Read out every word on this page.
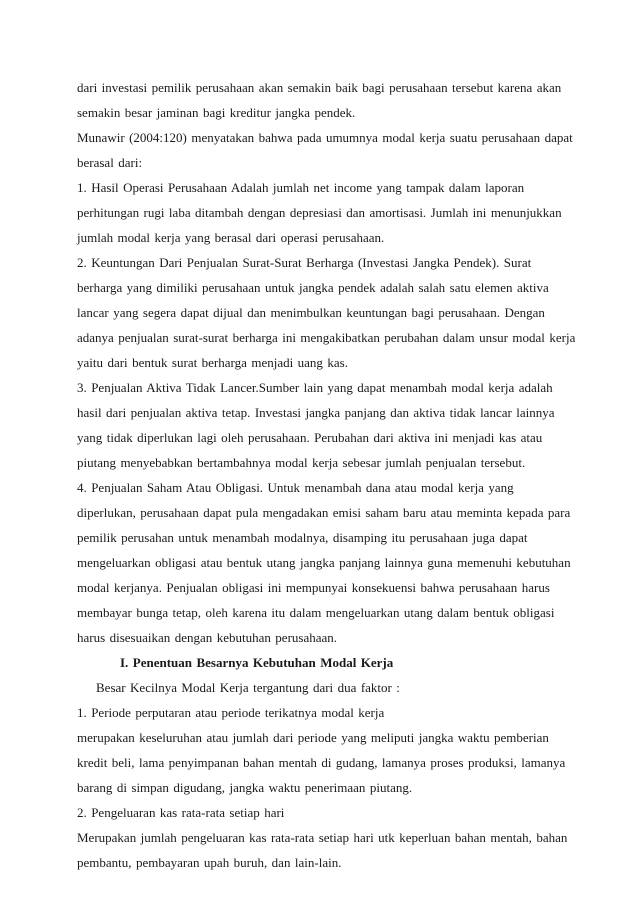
dari investasi pemilik perusahaan akan semakin baik bagi perusahaan tersebut karena akan
semakin besar jaminan bagi kreditur jangka pendek.
Munawir (2004:120) menyatakan bahwa pada umumnya modal kerja suatu perusahaan dapat
berasal dari:
1. Hasil Operasi Perusahaan Adalah jumlah net income yang tampak dalam laporan
perhitungan rugi laba ditambah dengan depresiasi dan amortisasi. Jumlah ini menunjukkan
jumlah modal kerja yang berasal dari operasi perusahaan.
2. Keuntungan Dari Penjualan Surat-Surat Berharga (Investasi Jangka Pendek). Surat
berharga yang dimiliki perusahaan untuk jangka pendek adalah salah satu elemen aktiva
lancar yang segera dapat dijual dan menimbulkan keuntungan bagi perusahaan. Dengan
adanya penjualan surat-surat berharga ini mengakibatkan perubahan dalam unsur modal kerja
yaitu dari bentuk surat berharga menjadi uang kas.
3. Penjualan Aktiva Tidak Lancer.Sumber lain yang dapat menambah modal kerja adalah
hasil dari penjualan aktiva tetap. Investasi jangka panjang dan aktiva tidak lancar lainnya
yang tidak diperlukan lagi oleh perusahaan. Perubahan dari aktiva ini menjadi kas atau
piutang menyebabkan bertambahnya modal kerja sebesar jumlah penjualan tersebut.
4. Penjualan Saham Atau Obligasi. Untuk menambah dana atau modal kerja yang
diperlukan, perusahaan dapat pula mengadakan emisi saham baru atau meminta kepada para
pemilik perusahan untuk menambah modalnya, disamping itu perusahaan juga dapat
mengeluarkan obligasi atau bentuk utang jangka panjang lainnya guna memenuhi kebutuhan
modal kerjanya. Penjualan obligasi ini mempunyai konsekuensi bahwa perusahaan harus
membayar bunga tetap, oleh karena itu dalam mengeluarkan utang dalam bentuk obligasi
harus disesuaikan dengan kebutuhan perusahaan.
I. Penentuan Besarnya Kebutuhan Modal Kerja
Besar Kecilnya Modal Kerja tergantung dari dua faktor :
1. Periode perputaran atau periode terikatnya modal kerja
merupakan keseluruhan atau jumlah dari periode yang meliputi jangka waktu pemberian
kredit beli, lama penyimpanan bahan mentah di gudang, lamanya proses produksi, lamanya
barang di simpan digudang, jangka waktu penerimaan piutang.
2. Pengeluaran kas rata-rata setiap hari
Merupakan jumlah pengeluaran kas rata-rata setiap hari utk keperluan bahan mentah, bahan
pembantu, pembayaran upah buruh, dan lain-lain.
